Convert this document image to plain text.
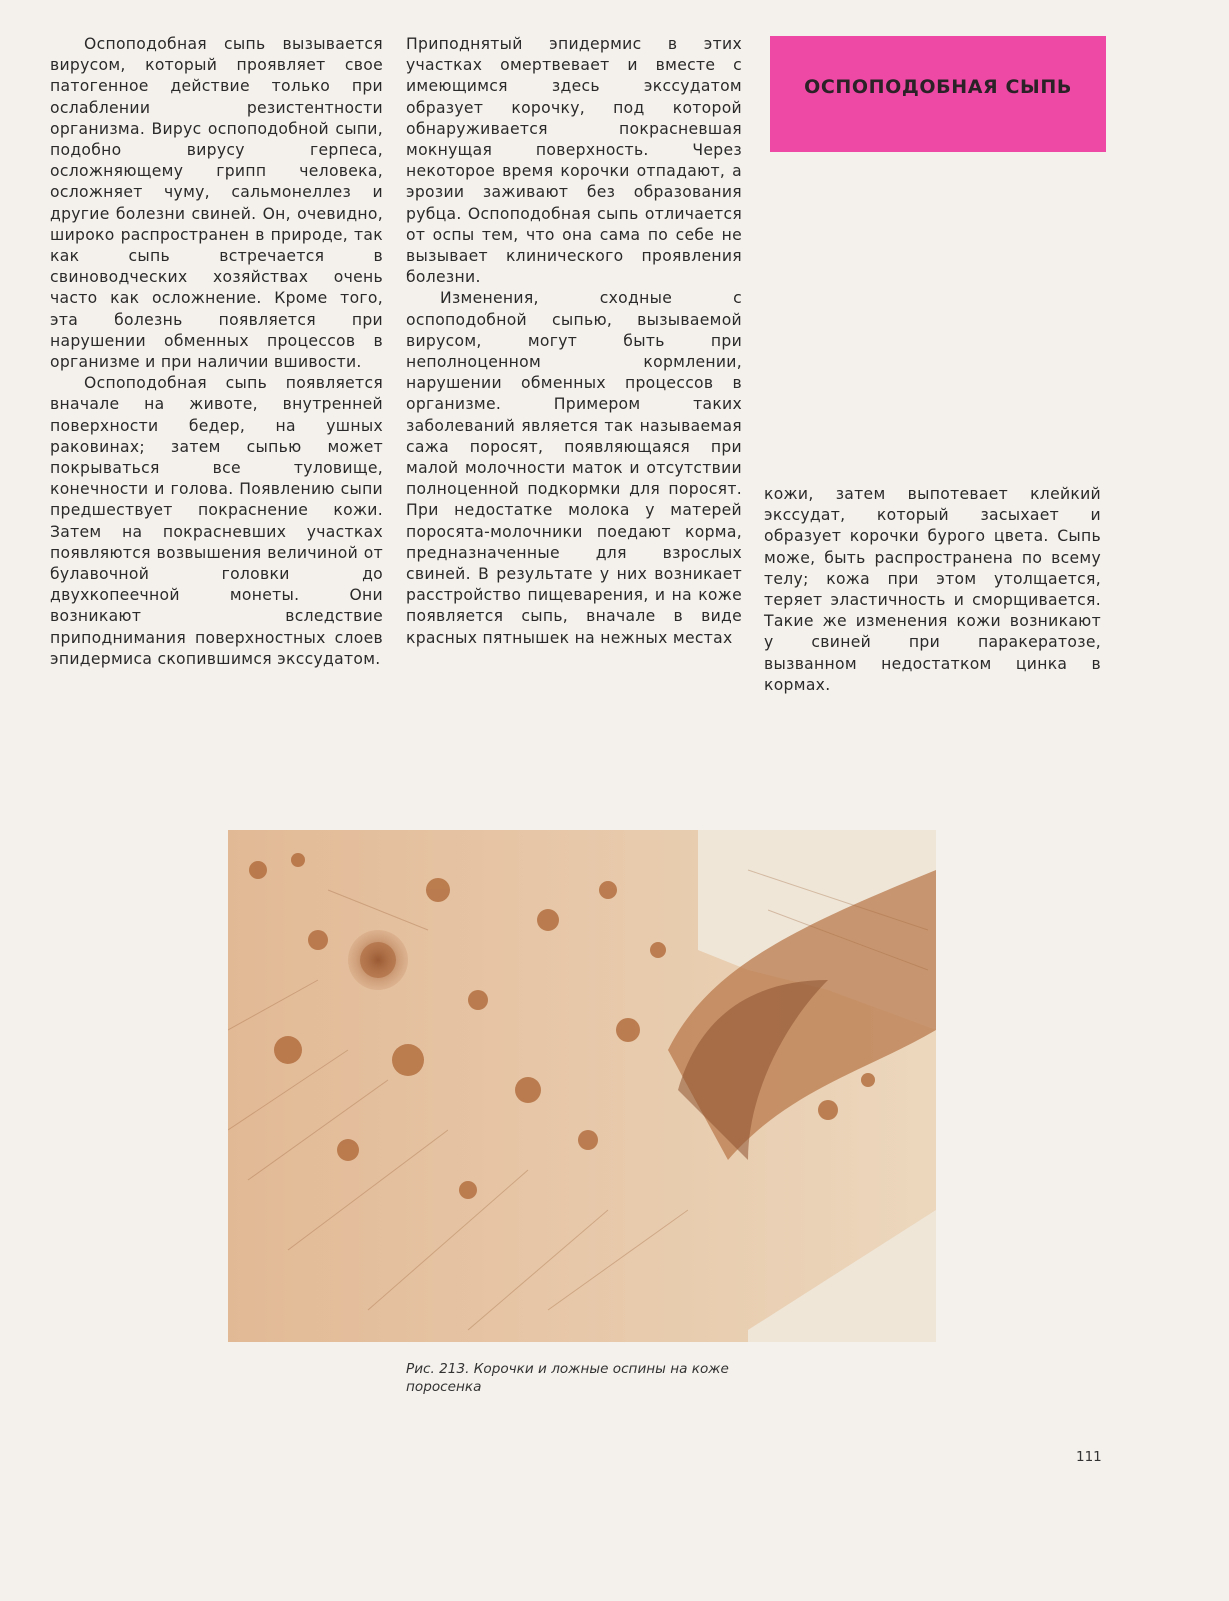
Оспоподобная сыпь вызывается вирусом, который проявляет свое патогенное действие только при ослаблении резистентности организма. Вирус оспоподобной сыпи, подобно вирусу герпеса, осложняющему грипп человека, осложняет чуму, сальмонеллез и другие болезни свиней. Он, очевидно, широко распространен в природе, так как сыпь встречается в свиноводческих хозяйствах очень часто как осложнение. Кроме того, эта болезнь появляется при нарушении обменных процессов в организме и при наличии вшивости.

Оспоподобная сыпь появляется вначале на животе, внутренней поверхности бедер, на ушных раковинах; затем сыпью может покрываться все туловище, конечности и голова. Появлению сыпи предшествует покраснение кожи. Затем на покрасневших участках появляются возвышения величиной от булавочной головки до двухкопеечной монеты. Они возникают вследствие приподнимания поверхностных слоев эпидермиса скопившимся экссудатом.

Приподнятый эпидермис в этих участках омертвевает и вместе с имеющимся здесь экссудатом образует корочку, под которой обнаруживается покрасневшая мокнущая поверхность. Через некоторое время корочки отпадают, а эрозии заживают без образования рубца. Оспоподобная сыпь отличается от оспы тем, что она сама по себе не вызывает клинического проявления болезни.

Изменения, сходные с оспоподобной сыпью, вызываемой вирусом, могут быть при неполноценном кормлении, нарушении обменных процессов в организме. Примером таких заболеваний является так называемая сажа поросят, появляющаяся при малой молочности маток и отсутствии полноценной подкормки для поросят. При недостатке молока у матерей поросята-молочники поедают корма, предназначенные для взрослых свиней. В результате у них возникает расстройство пищеварения, и на коже появляется сыпь, вначале в виде красных пятнышек на нежных местах

ОСПОПОДОБНАЯ СЫПЬ

кожи, затем выпотевает клейкий экссудат, который засыхает и образует корочки бурого цвета. Сыпь може, быть распространена по всему телу; кожа при этом утолщается, теряет эластичность и сморщивается. Такие же изменения кожи возникают у свиней при паракератозе, вызванном недостатком цинка в кормах.

Рис. 213. Корочки и ложные оспины на коже поросенка
111
